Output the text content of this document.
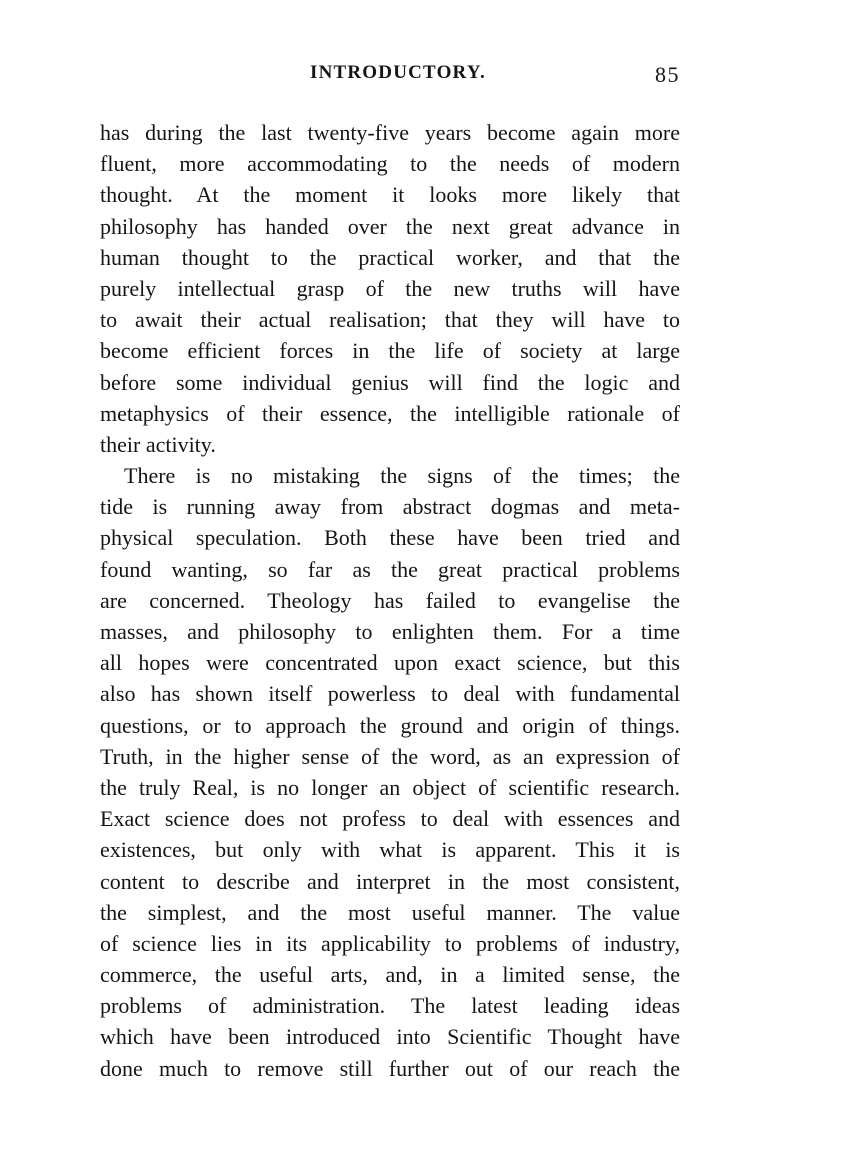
INTRODUCTORY.	85
has during the last twenty-five years become again more
fluent, more accommodating to the needs of modern
thought. At the moment it looks more likely that
philosophy has handed over the next great advance in
human thought to the practical worker, and that the
purely intellectual grasp of the new truths will have
to await their actual realisation; that they will have to
become efficient forces in the life of society at large
before some individual genius will find the logic and
metaphysics of their essence, the intelligible rationale of
their activity.
There is no mistaking the signs of the times; the
tide is running away from abstract dogmas and meta-
physical speculation. Both these have been tried and
found wanting, so far as the great practical problems
are concerned. Theology has failed to evangelise the
masses, and philosophy to enlighten them. For a time
all hopes were concentrated upon exact science, but this
also has shown itself powerless to deal with fundamental
questions, or to approach the ground and origin of things.
Truth, in the higher sense of the word, as an expression of
the truly Real, is no longer an object of scientific research.
Exact science does not profess to deal with essences and
existences, but only with what is apparent. This it is
content to describe and interpret in the most consistent,
the simplest, and the most useful manner. The value
of science lies in its applicability to problems of industry,
commerce, the useful arts, and, in a limited sense, the
problems of administration. The latest leading ideas
which have been introduced into Scientific Thought have
done much to remove still further out of our reach the
